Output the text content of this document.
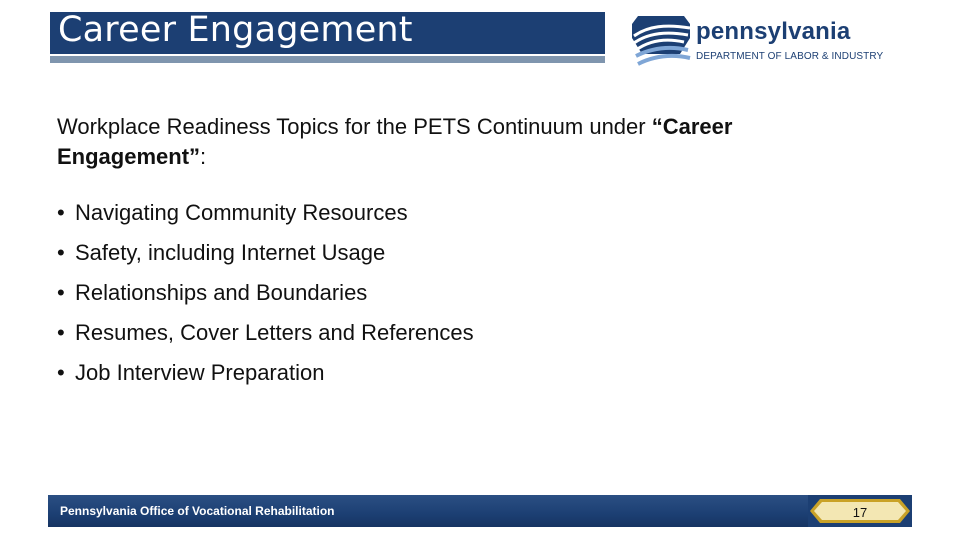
Career Engagement	pennsylvania
DEPARTMENT OF LABOR & INDUSTRY
Workplace Readiness Topics for the PETS Continuum under “Career Engagement”:
• Navigating Community Resources
• Safety, including Internet Usage
• Relationships and Boundaries
• Resumes, Cover Letters and References
• Job Interview Preparation
Pennsylvania Office of Vocational Rehabilitation	17
